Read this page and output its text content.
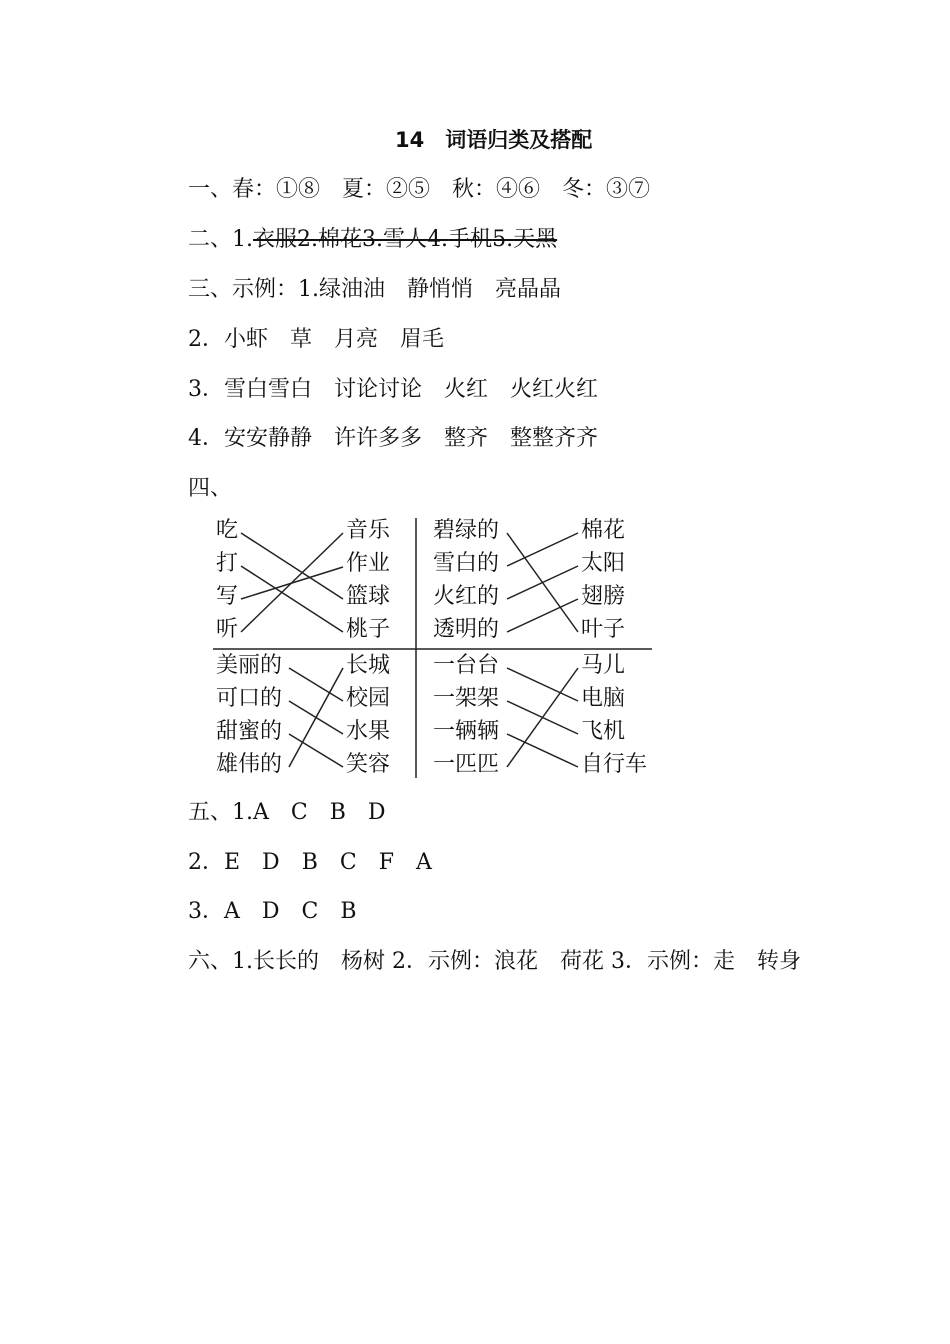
14　词语归类及搭配
一、春：①⑧　夏：②⑤　秋：④⑥　冬：③⑦
二、1.衣服2.棉花3.雪人4.手机5.天黑
三、示例：1.绿油油　静悄悄　亮晶晶
2．小虾　草　月亮　眉毛
3．雪白雪白　讨论讨论　火红　火红火红
4．安安静静　许许多多　整齐　整整齐齐
四、
吃
打
写
听
音乐
作业
篮球
桃子
碧绿的
雪白的
火红的
透明的
棉花
太阳
翅膀
叶子
美丽的
可口的
甜蜜的
雄伟的
长城
校园
水果
笑容
一台台
一架架
一辆辆
一匹匹
马儿
电脑
飞机
自行车
五、1.A　C　B　D
2．E　D　B　C　F　A
3．A　D　C　B
六、1.长长的　杨树 2．示例：浪花　荷花 3．示例：走　转身
